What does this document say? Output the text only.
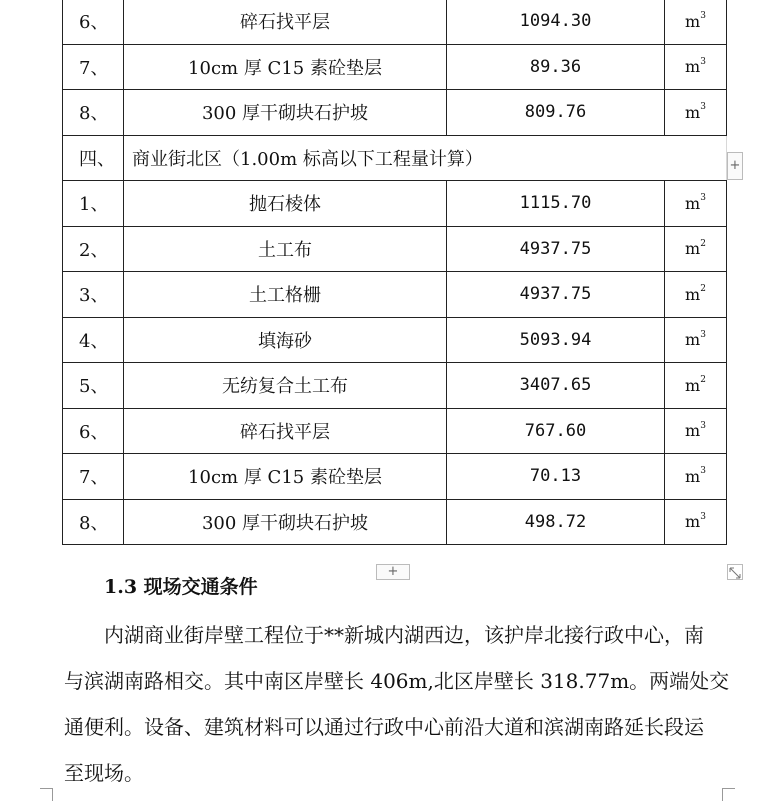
6、	碎石找平层	1094.30	$m^3$
7、	10cm 厚 C15 素砼垫层	89.36	$m^3$
8、	300 厚干砌块石护坡	809.76	$m^3$
四、	商业街北区（1.00m 标高以下工程量计算）		
1、	抛石棱体	1115.70	$m^3$
2、	土工布	4937.75	$m^2$
3、	土工格栅	4937.75	$m^2$
4、	填海砂	5093.94	$m^3$
5、	无纺复合土工布	3407.65	$m^2$
6、	碎石找平层	767.60	$m^3$
7、	10cm 厚 C15 素砼垫层	70.13	$m^3$
8、	300 厚干砌块石护坡	498.72	$m^3$
+
+
1.3 现场交通条件
内湖商业街岸壁工程位于**新城内湖西边，该护岸北接行政中心，南
与滨湖南路相交。其中南区岸壁长 406m,北区岸壁长 318.77m。两端处交
通便利。设备、建筑材料可以通过行政中心前沿大道和滨湖南路延长段运
至现场。
